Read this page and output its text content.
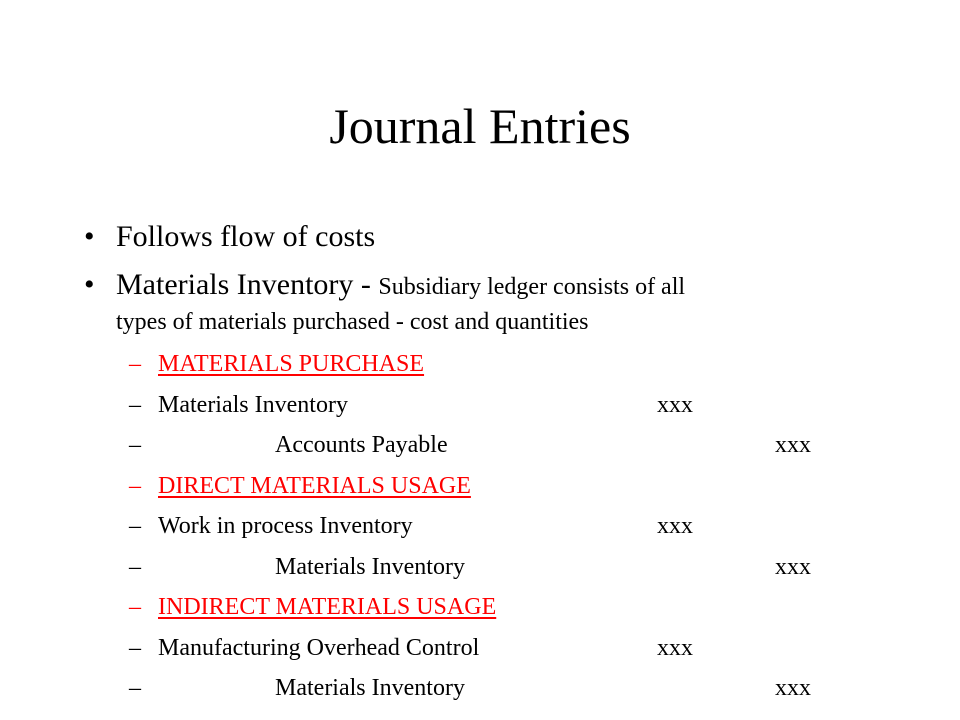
Journal Entries
• Follows flow of costs
• Materials Inventory - Subsidiary ledger consists of all
types of materials purchased - cost and quantities
– MATERIALS PURCHASE
– Materials Inventory	xxx
–	Accounts Payable	xxx
– DIRECT MATERIALS USAGE
– Work in process Inventory	xxx
–	Materials Inventory	xxx
– INDIRECT MATERIALS USAGE
– Manufacturing Overhead Control	xxx
–	Materials Inventory	xxx
